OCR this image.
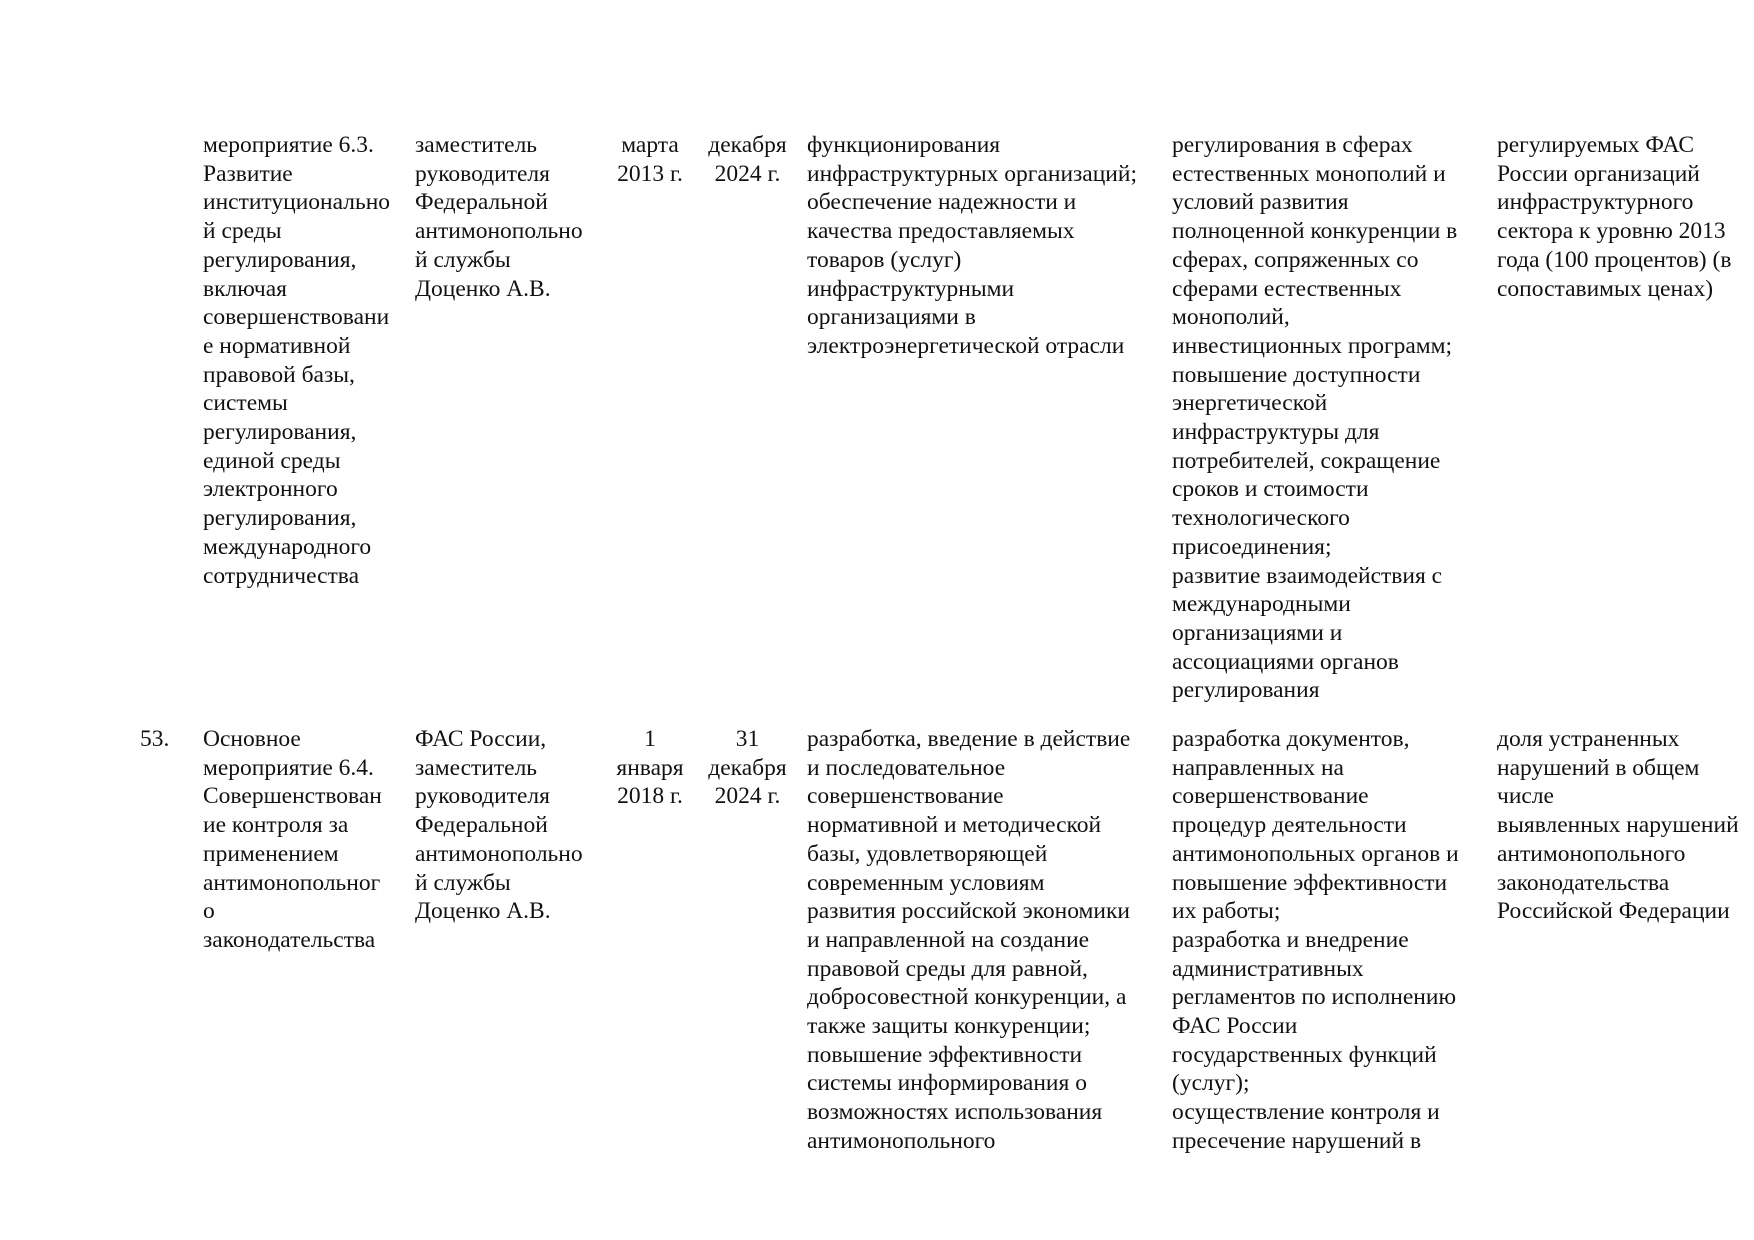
мероприятие 6.3.
Развитие
институционально
й среды
регулирования,
включая
совершенствовани
е нормативной
правовой базы,
системы
регулирования,
единой среды
электронного
регулирования,
международного
сотрудничества
заместитель
руководителя
Федеральной
антимонопольно
й службы
Доценко А.В.
марта
2013 г.
декабря
2024 г.
функционирования
инфраструктурных организаций;
обеспечение надежности и
качества предоставляемых
товаров (услуг)
инфраструктурными
организациями в
электроэнергетической отрасли
регулирования в сферах
естественных монополий и
условий развития
полноценной конкуренции в
сферах, сопряженных со
сферами естественных
монополий,
инвестиционных программ;
повышение доступности
энергетической
инфраструктуры для
потребителей, сокращение
сроков и стоимости
технологического
присоединения;
развитие взаимодействия с
международными
организациями и
ассоциациями органов
регулирования
регулируемых ФАС
России организаций
инфраструктурного
сектора к уровню 2013
года (100 процентов) (в
сопоставимых ценах)
53.	Основное
мероприятие 6.4.
Совершенствован
ие контроля за
применением
антимонопольног
о
законодательства
ФАС России,
заместитель
руководителя
Федеральной
антимонопольно
й службы
Доценко А.В.
1
января
2018 г.
31
декабря
2024 г.
разработка, введение в действие
и последовательное
совершенствование
нормативной и методической
базы, удовлетворяющей
современным условиям
развития российской экономики
и направленной на создание
правовой среды для равной,
добросовестной конкуренции, а
также защиты конкуренции;
повышение эффективности
системы информирования о
возможностях использования
антимонопольного
разработка документов,
направленных на
совершенствование
процедур деятельности
антимонопольных органов и
повышение эффективности
их работы;
разработка и внедрение
административных
регламентов по исполнению
ФАС России
государственных функций
(услуг);
осуществление контроля и
пресечение нарушений в
доля устраненных
нарушений в общем числе
выявленных нарушений
антимонопольного
законодательства
Российской Федерации
